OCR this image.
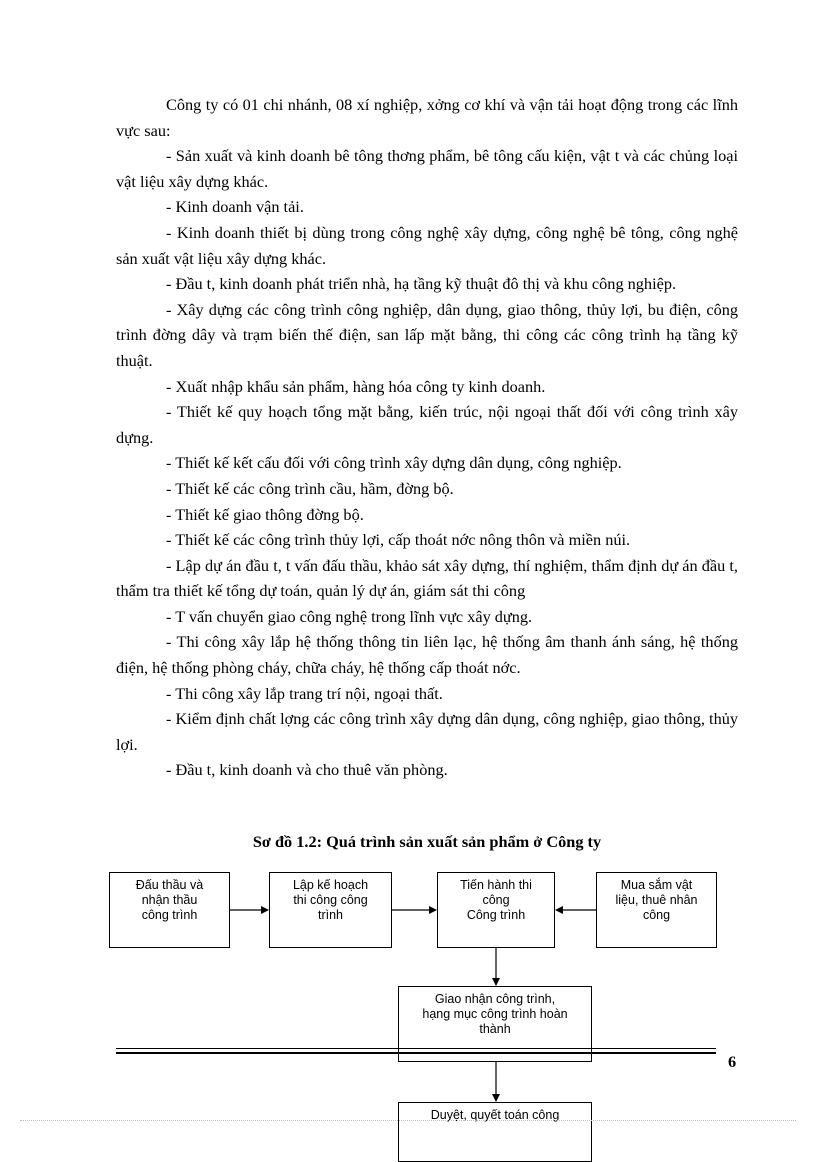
Công ty có 01 chi nhánh, 08 xí nghiệp, xởng cơ khí và vận tải hoạt động trong các lĩnh vực sau:

- Sản xuất và kinh doanh bê tông thơng phẩm, bê tông cấu kiện, vật t và các chủng loại vật liệu xây dựng khác.

- Kinh doanh vận tải.

- Kinh doanh thiết bị dùng trong công nghệ xây dựng, công nghệ bê tông, công nghệ sản xuất vật liệu xây dựng khác.

- Đầu t, kinh doanh phát triển nhà, hạ tầng kỹ thuật đô thị và khu công nghiệp.

- Xây dựng các công trình công nghiệp, dân dụng, giao thông, thủy lợi, bu điện, công trình đờng dây và trạm biến thế điện, san lấp mặt bằng, thi công các công trình hạ tầng kỹ thuật.

- Xuất nhập khẩu sản phẩm, hàng hóa công ty kinh doanh.

- Thiết kế quy hoạch tổng mặt bằng, kiến trúc, nội ngoại thất đối với công trình xây dựng.

- Thiết kế kết cấu đối với công trình xây dựng dân dụng, công nghiệp.

- Thiết kế các công trình cầu, hầm, đờng bộ.

- Thiết kế giao thông đờng bộ.

- Thiết kế các công trình thủy lợi, cấp thoát nớc nông thôn và miền núi.

- Lập dự án đầu t, t vấn đấu thầu, khảo sát xây dựng, thí nghiệm, thẩm định dự án đầu t, thẩm tra thiết kế tổng dự toán, quản lý dự án, giám sát thi công

- T vấn chuyển giao công nghệ trong lĩnh vực xây dựng.

- Thi công xây lắp hệ thống thông tin liên lạc, hệ thống âm thanh ánh sáng, hệ thống điện, hệ thống phòng cháy, chữa cháy, hệ thống cấp thoát nớc.

- Thi công xây lắp trang trí nội, ngoại thất.

- Kiểm định chất lợng các công trình xây dựng dân dụng, công nghiệp, giao thông, thủy lợi.

- Đầu t, kinh doanh và cho thuê văn phòng.

Sơ đồ 1.2: Quá trình sản xuất sản phẩm ở Công ty
Đấu thầu và
nhận thầu
công trình
Lập kế hoạch
thi công công
trình
Tiến hành thi
công
Công trình
Mua sắm vật
liệu, thuê nhân
công
Giao nhận công trình,
hạng mục công trình hoàn
thành
Duyệt, quyết toán công

6
